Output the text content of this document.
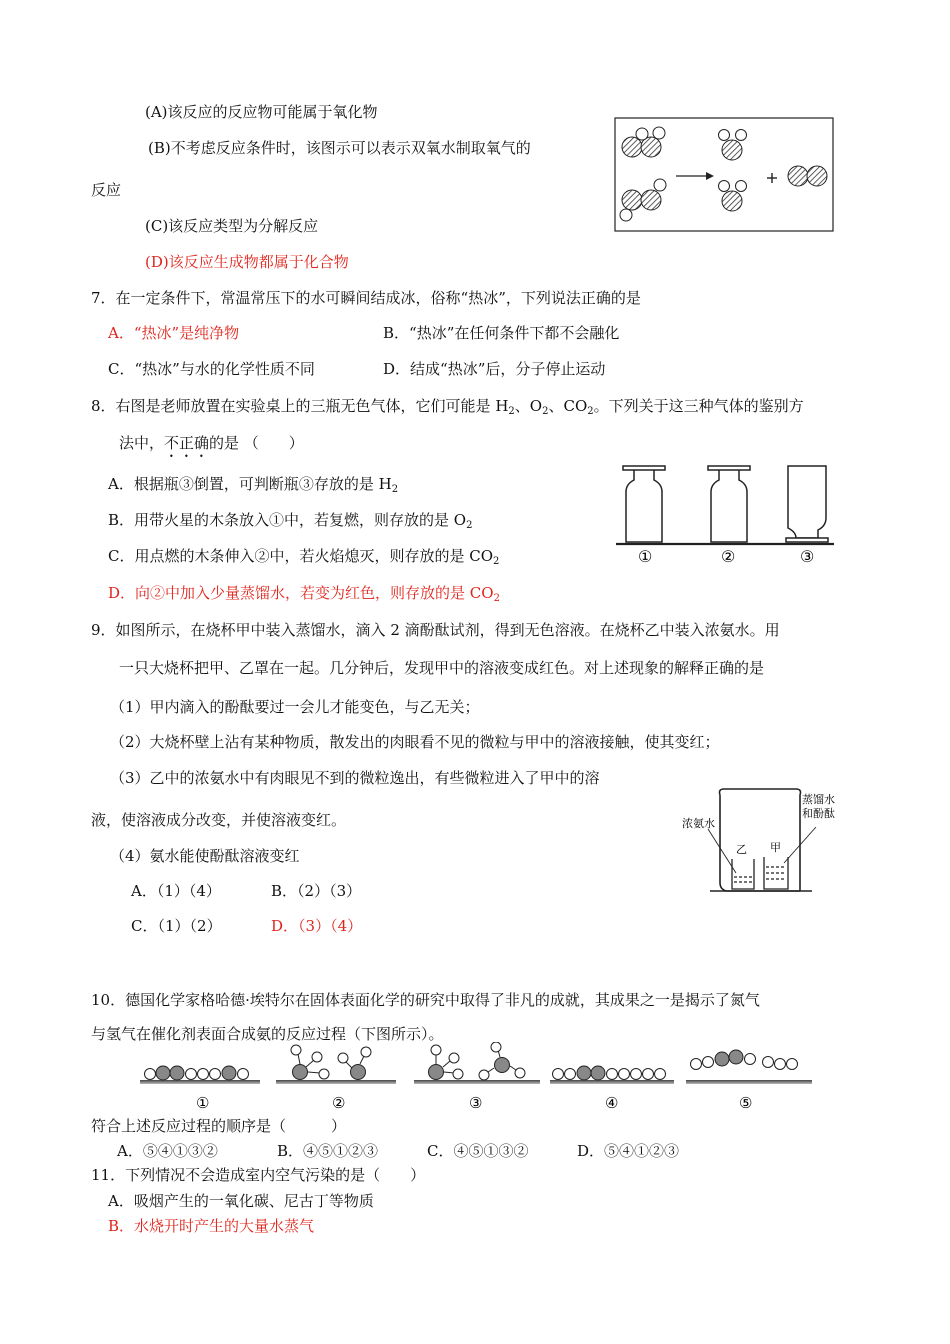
(A)该反应的反应物可能属于氧化物
(B)不考虑反应条件时，该图示可以表示双氧水制取氧气的
反应
(C)该反应类型为分解反应
(D)该反应生成物都属于化合物
7．在一定条件下，常温常压下的水可瞬间结成冰，俗称“热冰”，下列说法正确的是
A．“热冰”是纯净物	B．“热冰”在任何条件下都不会融化
C．“热冰”与水的化学性质不同	D．结成“热冰”后，分子停止运动
8．右图是老师放置在实验桌上的三瓶无色气体，它们可能是 $H_2$、$O_2$、$CO_2$。下列关于这三种气体的鉴别方
法中，不正确的是 （　　）
A．根据瓶③倒置，可判断瓶③存放的是 $H_2$
B．用带火星的木条放入①中，若复燃，则存放的是 $O_2$
C．用点燃的木条伸入②中，若火焰熄灭，则存放的是 $CO_2$
D．向②中加入少量蒸馏水，若变为红色，则存放的是 $CO_2$
①	②	③
9．如图所示，在烧杯甲中装入蒸馏水，滴入 2 滴酚酞试剂，得到无色溶液。在烧杯乙中装入浓氨水。用
一只大烧杯把甲、乙罩在一起。几分钟后，发现甲中的溶液变成红色。对上述现象的解释正确的是
（1）甲内滴入的酚酞要过一会儿才能变色，与乙无关；
（2）大烧杯壁上沾有某种物质，散发出的肉眼看不见的微粒与甲中的溶液接触，使其变红；
（3）乙中的浓氨水中有肉眼见不到的微粒逸出，有些微粒进入了甲中的溶
液，使溶液成分改变，并使溶液变红。
（4）氨水能使酚酞溶液变红
A．（1）（4）	B．（2）（3）
C．（1）（2）	D．（3）（4）
浓氨水
蒸馏水
和酚酞
乙 甲
10．德国化学家格哈德·埃特尔在固体表面化学的研究中取得了非凡的成就，其成果之一是揭示了氮气
与氢气在催化剂表面合成氨的反应过程（下图所示）。
①	②	③	④	⑤
符合上述反应过程的顺序是（　　　）
A．⑤④①③②	B．④⑤①②③	C．④⑤①③②	D．⑤④①②③
11．下列情况不会造成室内空气污染的是（　　）
A．吸烟产生的一氧化碳、尼古丁等物质
B．水烧开时产生的大量水蒸气
